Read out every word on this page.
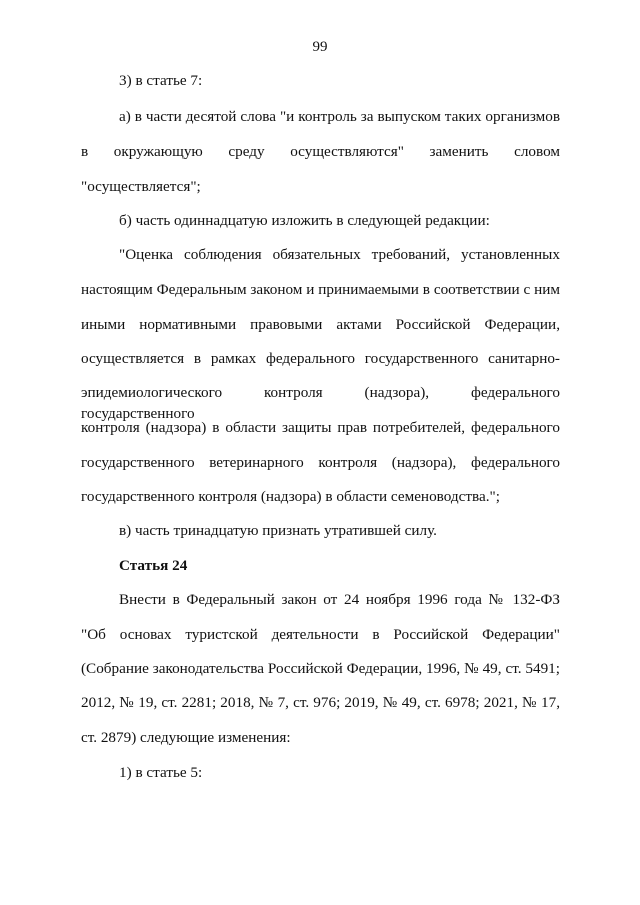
99
3) в статье 7:
а) в части десятой слова "и контроль за выпуском таких организмов
в окружающую среду осуществляются" заменить словом
"осуществляется";
б) часть одиннадцатую изложить в следующей редакции:
"Оценка соблюдения обязательных требований, установленных
настоящим Федеральным законом и принимаемыми в соответствии с ним
иными нормативными правовыми актами Российской Федерации,
осуществляется в рамках федерального государственного санитарно-
эпидемиологического контроля (надзора), федерального государственного
контроля (надзора) в области защиты прав потребителей, федерального
государственного ветеринарного контроля (надзора), федерального
государственного контроля (надзора) в области семеноводства.";
в) часть тринадцатую признать утратившей силу.
Статья 24
Внести в Федеральный закон от 24 ноября 1996 года № 132-ФЗ
"Об основах туристской деятельности в Российской Федерации"
(Собрание законодательства Российской Федерации, 1996, № 49, ст. 5491;
2012, № 19, ст. 2281; 2018, № 7, ст. 976; 2019, № 49, ст. 6978; 2021, № 17,
ст. 2879) следующие изменения:
1) в статье 5:
